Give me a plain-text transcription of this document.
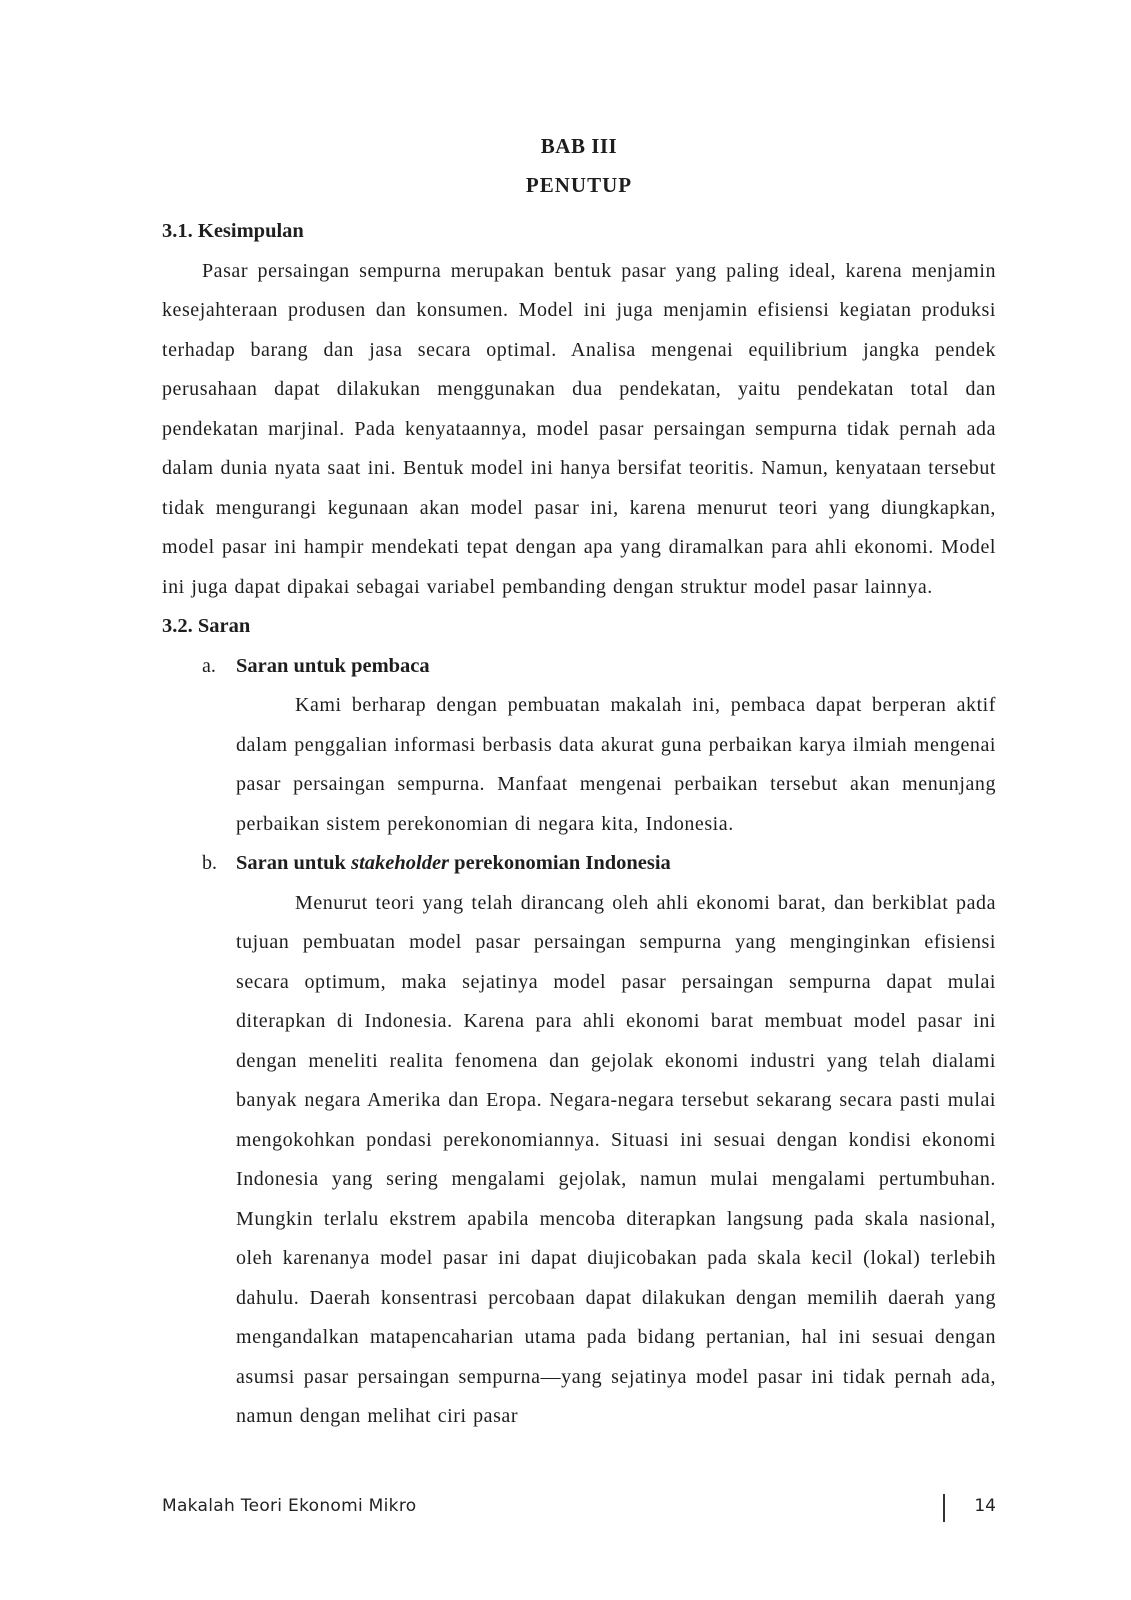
BAB III
PENUTUP

3.1. Kesimpulan

Pasar persaingan sempurna merupakan bentuk pasar yang paling ideal, karena menjamin kesejahteraan produsen dan konsumen. Model ini juga menjamin efisiensi kegiatan produksi terhadap barang dan jasa secara optimal. Analisa mengenai equilibrium jangka pendek perusahaan dapat dilakukan menggunakan dua pendekatan, yaitu pendekatan total dan pendekatan marjinal. Pada kenyataannya, model pasar persaingan sempurna tidak pernah ada dalam dunia nyata saat ini. Bentuk model ini hanya bersifat teoritis. Namun, kenyataan tersebut tidak mengurangi kegunaan akan model pasar ini, karena menurut teori yang diungkapkan, model pasar ini hampir mendekati tepat dengan apa yang diramalkan para ahli ekonomi. Model ini juga dapat dipakai sebagai variabel pembanding dengan struktur model pasar lainnya.

3.2. Saran

a. Saran untuk pembaca

Kami berharap dengan pembuatan makalah ini, pembaca dapat berperan aktif dalam penggalian informasi berbasis data akurat guna perbaikan karya ilmiah mengenai pasar persaingan sempurna. Manfaat mengenai perbaikan tersebut akan menunjang perbaikan sistem perekonomian di negara kita, Indonesia.

b. Saran untuk stakeholder perekonomian Indonesia

Menurut teori yang telah dirancang oleh ahli ekonomi barat, dan berkiblat pada tujuan pembuatan model pasar persaingan sempurna yang menginginkan efisiensi secara optimum, maka sejatinya model pasar persaingan sempurna dapat mulai diterapkan di Indonesia. Karena para ahli ekonomi barat membuat model pasar ini dengan meneliti realita fenomena dan gejolak ekonomi industri yang telah dialami banyak negara Amerika dan Eropa. Negara-negara tersebut sekarang secara pasti mulai mengokohkan pondasi perekonomiannya. Situasi ini sesuai dengan kondisi ekonomi Indonesia yang sering mengalami gejolak, namun mulai mengalami pertumbuhan. Mungkin terlalu ekstrem apabila mencoba diterapkan langsung pada skala nasional, oleh karenanya model pasar ini dapat diujicobakan pada skala kecil (lokal) terlebih dahulu. Daerah konsentrasi percobaan dapat dilakukan dengan memilih daerah yang mengandalkan matapencaharian utama pada bidang pertanian, hal ini sesuai dengan asumsi pasar persaingan sempurna—yang sejatinya model pasar ini tidak pernah ada, namun dengan melihat ciri pasar

Makalah Teori Ekonomi Mikro	14
